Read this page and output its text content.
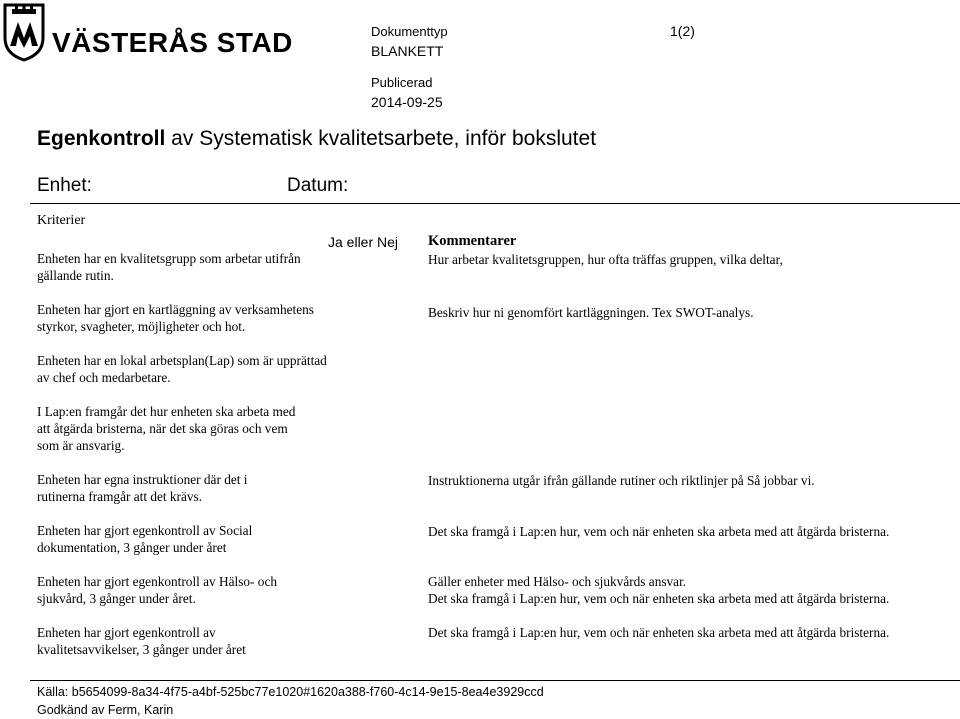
VÄSTERÅS STAD	Dokumenttyp
BLANKETT
1(2)
Publicerad
2014-09-25
Egenkontroll av Systematisk kvalitetsarbete, inför bokslutet
Enhet:	Datum:
Kriterier
Ja eller Nej Kommentarer
Enheten har en kvalitetsgrupp som arbetar utifrån gällande rutin.
Enheten har gjort en kartläggning av verksamhetens styrkor, svagheter, möjligheter och hot.
Enheten har en lokal arbetsplan(Lap) som är upprättad av chef och medarbetare.
I Lap:en framgår det hur enheten ska arbeta med att åtgärda bristerna, när det ska göras och vem som är ansvarig.
Enheten har egna instruktioner där det i rutinerna framgår att det krävs.
Enheten har gjort egenkontroll av Social dokumentation, 3 gånger under året
Enheten har gjort egenkontroll av Hälso- och sjukvård, 3 gånger under året.
Enheten har gjort egenkontroll av kvalitetsavvikelser, 3 gånger under året
Hur arbetar kvalitetsgruppen, hur ofta träffas gruppen, vilka deltar,
Beskriv hur ni genomfört kartläggningen. Tex SWOT-analys.
Instruktionerna utgår ifrån gällande rutiner och riktlinjer på Så jobbar vi.
Det ska framgå i Lap:en hur, vem och när enheten ska arbeta med att åtgärda bristerna.
Gäller enheter med Hälso- och sjukvårds ansvar.
Det ska framgå i Lap:en hur, vem och när enheten ska arbeta med att åtgärda bristerna.
Det ska framgå i Lap:en hur, vem och när enheten ska arbeta med att åtgärda bristerna.
Källa: b5654099-8a34-4f75-a4bf-525bc77e1020#1620a388-f760-4c14-9e15-8ea4e3929ccd
Godkänd av Ferm, Karin
